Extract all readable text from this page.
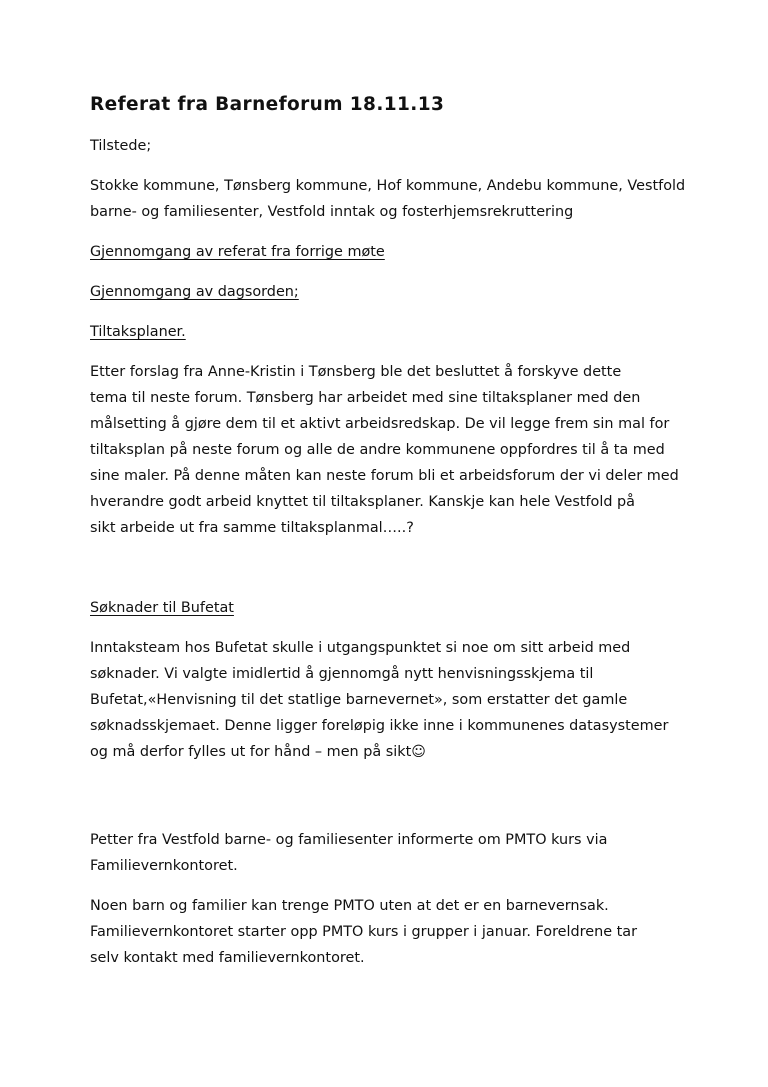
Referat fra Barneforum 18.11.13
Tilstede;
Stokke kommune, Tønsberg kommune, Hof kommune, Andebu kommune, Vestfold
barne- og familiesenter, Vestfold inntak og fosterhjemsrekruttering
Gjennomgang av referat fra forrige møte
Gjennomgang av dagsorden;
Tiltaksplaner.
Etter forslag fra Anne-Kristin i Tønsberg ble det besluttet å forskyve dette
tema til neste forum. Tønsberg har arbeidet med sine tiltaksplaner med den
målsetting å gjøre dem til et aktivt arbeidsredskap. De vil legge frem sin mal for
tiltaksplan på neste forum og alle de andre kommunene oppfordres til å ta med
sine maler. På denne måten kan neste forum bli et arbeidsforum der vi deler med
hverandre godt arbeid knyttet til tiltaksplaner. Kanskje kan hele Vestfold på
sikt arbeide ut fra samme tiltaksplanmal…..?
Søknader til Bufetat
Inntaksteam hos Bufetat skulle i utgangspunktet si noe om sitt arbeid med
søknader. Vi valgte imidlertid å gjennomgå nytt henvisningsskjema til
Bufetat,«Henvisning til det statlige barnevernet», som erstatter det gamle
søknadsskjemaet. Denne ligger foreløpig ikke inne i kommunenes datasystemer
og må derfor fylles ut for hånd – men på sikt☺
Petter fra Vestfold barne- og familiesenter informerte om PMTO kurs via
Familievernkontoret.
Noen barn og familier kan trenge PMTO uten at det er en barnevernsak.
Familievernkontoret starter opp PMTO kurs i grupper i januar. Foreldrene tar
selv kontakt med familievernkontoret.
